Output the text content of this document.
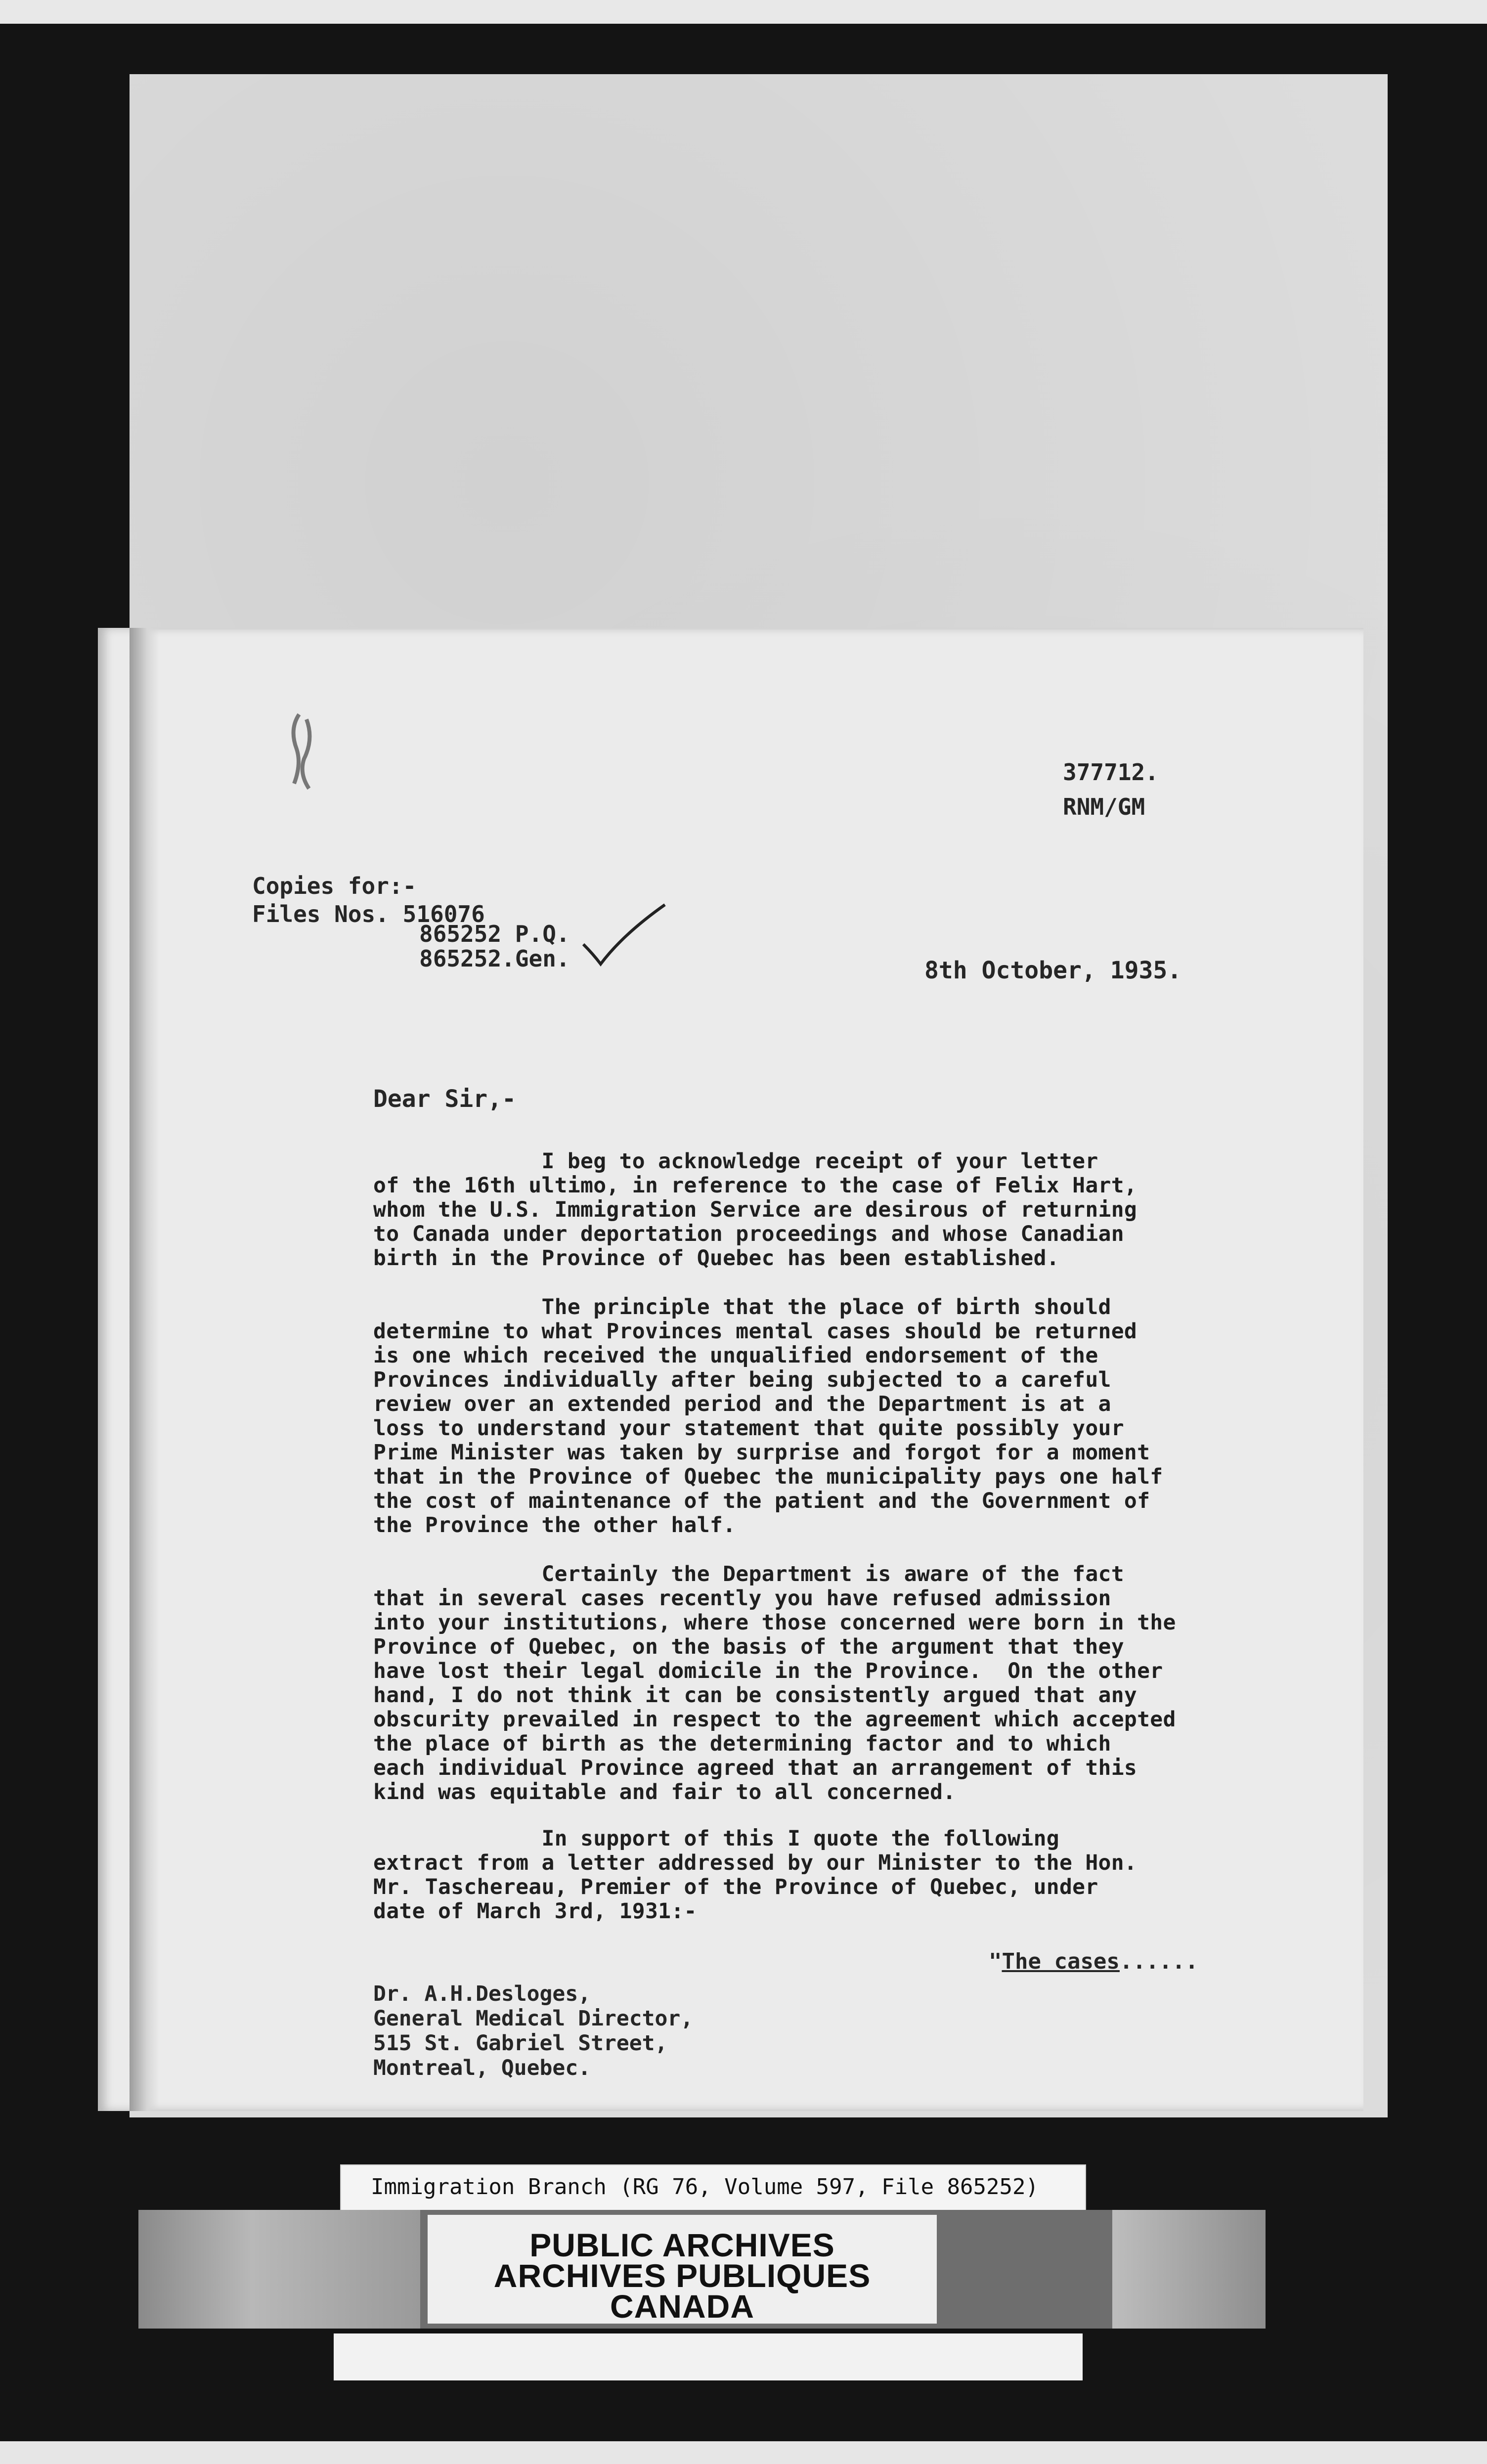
377712.
RNM/GM
Copies for:-
Files Nos. 516076
865252 P.Q.
865252.Gen.	8th October, 1935.
Dear Sir,-
I beg to acknowledge receipt of your letter
of the 16th ultimo, in reference to the case of Felix Hart,
whom the U.S. Immigration Service are desirous of returning
to Canada under deportation proceedings and whose Canadian
birth in the Province of Quebec has been established.
The principle that the place of birth should
determine to what Provinces mental cases should be returned
is one which received the unqualified endorsement of the
Provinces individually after being subjected to a careful
review over an extended period and the Department is at a
loss to understand your statement that quite possibly your
Prime Minister was taken by surprise and forgot for a moment
that in the Province of Quebec the municipality pays one half
the cost of maintenance of the patient and the Government of
the Province the other half.
Certainly the Department is aware of the fact
that in several cases recently you have refused admission
into your institutions, where those concerned were born in the
Province of Quebec, on the basis of the argument that they
have lost their legal domicile in the Province.  On the other
hand, I do not think it can be consistently argued that any
obscurity prevailed in respect to the agreement which accepted
the place of birth as the determining factor and to which
each individual Province agreed that an arrangement of this
kind was equitable and fair to all concerned.
In support of this I quote the following
extract from a letter addressed by our Minister to the Hon.
Mr. Taschereau, Premier of the Province of Quebec, under
date of March 3rd, 1931:-
"The cases......
Dr. A.H.Desloges,
General Medical Director,
515 St. Gabriel Street,
Montreal, Quebec.
Immigration Branch (RG 76, Volume 597, File 865252)
PUBLIC ARCHIVES
ARCHIVES PUBLIQUES
CANADA
